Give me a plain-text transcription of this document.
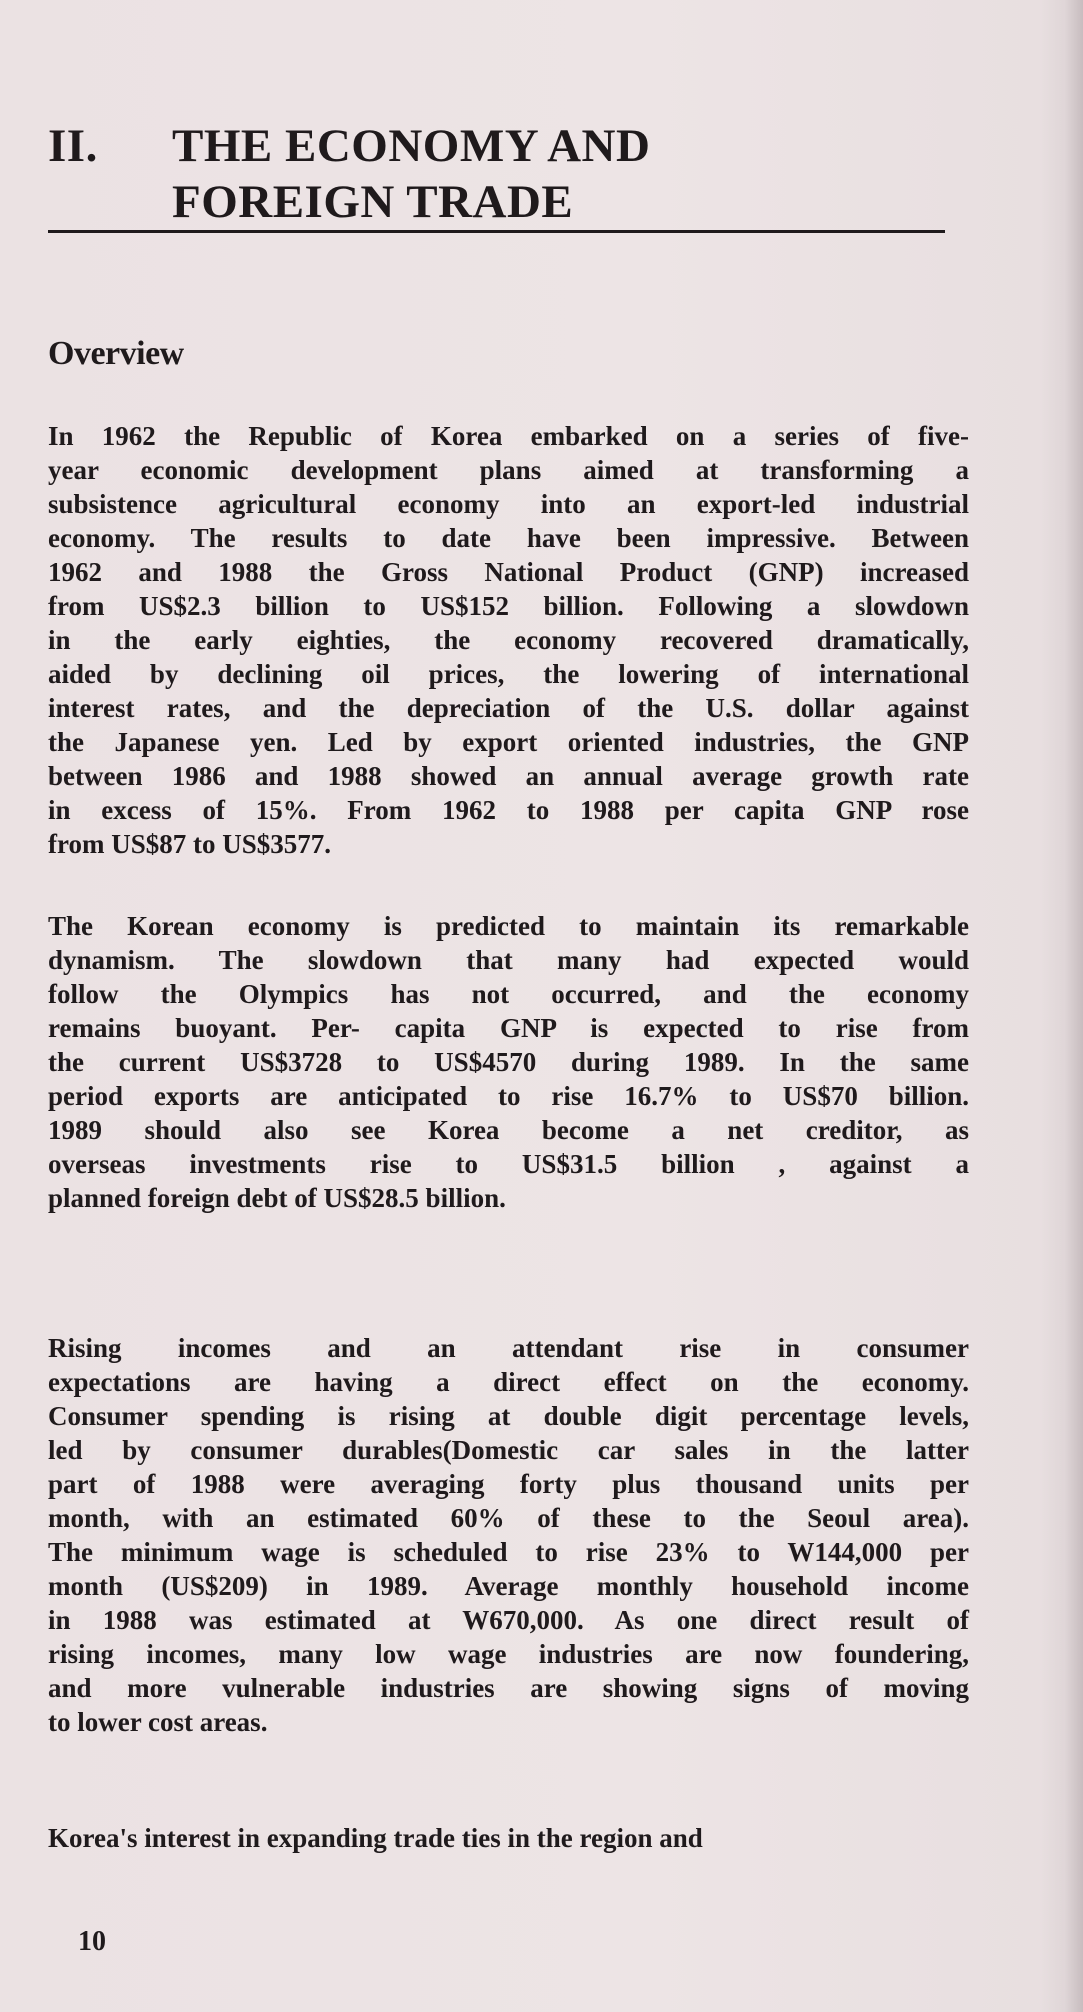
II. THE ECONOMY AND
FOREIGN TRADE
Overview
In 1962 the Republic of Korea embarked on a series of five-
year economic development plans aimed at transforming a
subsistence agricultural economy into an export-led industrial
economy. The results to date have been impressive. Between
1962 and 1988 the Gross National Product (GNP) increased
from US$2.3 billion to US$152 billion. Following a slowdown
in the early eighties, the economy recovered dramatically,
aided by declining oil prices, the lowering of international
interest rates, and the depreciation of the U.S. dollar against
the Japanese yen. Led by export oriented industries, the GNP
between 1986 and 1988 showed an annual average growth rate
in excess of 15%. From 1962 to 1988 per capita GNP rose
from US$87 to US$3577.
The Korean economy is predicted to maintain its remarkable
dynamism. The slowdown that many had expected would
follow the Olympics has not occurred, and the economy
remains buoyant. Per- capita GNP is expected to rise from
the current US$3728 to US$4570 during 1989. In the same
period exports are anticipated to rise 16.7% to US$70 billion.
1989 should also see Korea become a net creditor, as
overseas investments rise to US$31.5 billion , against a
planned foreign debt of US$28.5 billion.
Rising incomes and an attendant rise in consumer
expectations are having a direct effect on the economy.
Consumer spending is rising at double digit percentage levels,
led by consumer durables(Domestic car sales in the latter
part of 1988 were averaging forty plus thousand units per
month, with an estimated 60% of these to the Seoul area).
The minimum wage is scheduled to rise 23% to W144,000 per
month (US$209) in 1989. Average monthly household income
in 1988 was estimated at W670,000. As one direct result of
rising incomes, many low wage industries are now foundering,
and more vulnerable industries are showing signs of moving
to lower cost areas.
Korea's interest in expanding trade ties in the region and
10
